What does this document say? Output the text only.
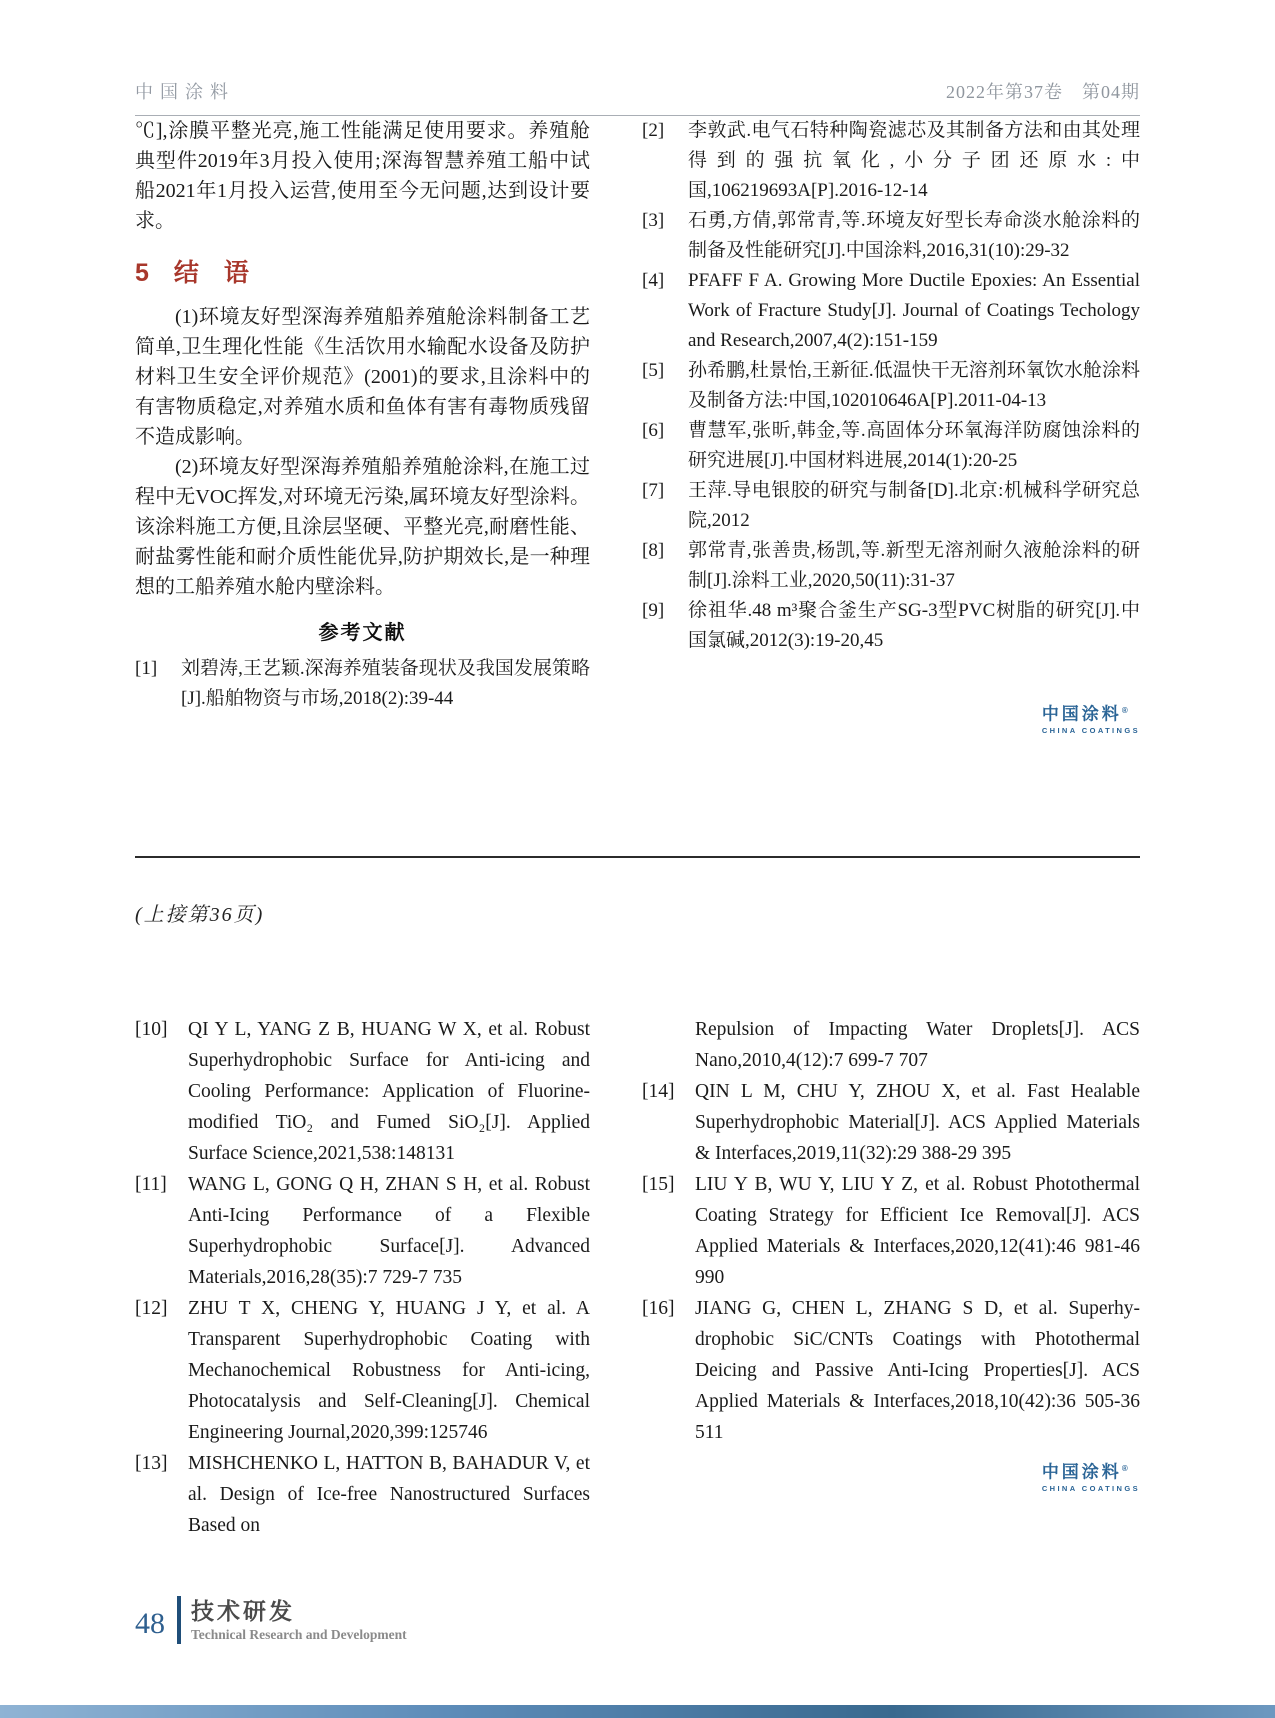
中国涂料	2022年第37卷　第04期

℃],涂膜平整光亮,施工性能满足使用要求。养殖舱典型件2019年3月投入使用;深海智慧养殖工船中试船2021年1月投入运营,使用至今无问题,达到设计要求。

5　结　语

(1)环境友好型深海养殖船养殖舱涂料制备工艺简单,卫生理化性能《生活饮用水输配水设备及防护材料卫生安全评价规范》(2001)的要求,且涂料中的有害物质稳定,对养殖水质和鱼体有害有毒物质残留不造成影响。

(2)环境友好型深海养殖船养殖舱涂料,在施工过程中无VOC挥发,对环境无污染,属环境友好型涂料。该涂料施工方便,且涂层坚硬、平整光亮,耐磨性能、耐盐雾性能和耐介质性能优异,防护期效长,是一种理想的工船养殖水舱内壁涂料。

参考文献
[1]	刘碧涛,王艺颖.深海养殖装备现状及我国发展策略[J].船舶物资与市场,2018(2):39-44
[2]	李敦武.电气石特种陶瓷滤芯及其制备方法和由其处理得到的强抗氧化,小分子团还原水:中国,106219693A[P].2016-12-14
[3]	石勇,方倩,郭常青,等.环境友好型长寿命淡水舱涂料的制备及性能研究[J].中国涂料,2016,31(10):29-32
[4]	PFAFF F A. Growing More Ductile Epoxies: An Essential Work of Fracture Study[J]. Journal of Coatings Techology and Research,2007,4(2):151-159
[5]	孙希鹏,杜景怡,王新征.低温快干无溶剂环氧饮水舱涂料及制备方法:中国,102010646A[P].2011-04-13
[6]	曹慧军,张昕,韩金,等.高固体分环氧海洋防腐蚀涂料的研究进展[J].中国材料进展,2014(1):20-25
[7]	王萍.导电银胶的研究与制备[D].北京:机械科学研究总院,2012
[8]	郭常青,张善贵,杨凯,等.新型无溶剂耐久液舱涂料的研制[J].涂料工业,2020,50(11):31-37
[9]	徐祖华.48 m³聚合釜生产SG-3型PVC树脂的研究[J].中国氯碱,2012(3):19-20,45
中国涂料®
CHINA COATINGS
(上接第36页)
[10]	QI Y L, YANG Z B, HUANG W X, et al. Robust Superhydrophobic Surface for Anti-icing and Cooling Performance: Application of Fluorine-modified TiO₂ and Fumed SiO₂[J]. Applied Surface Science,2021,538:148131
[11]	WANG L, GONG Q H, ZHAN S H, et al. Robust Anti-Icing Performance of a Flexible Superhydrophobic Surface[J]. Advanced Materials,2016,28(35):7 729-7 735
[12]	ZHU T X, CHENG Y, HUANG J Y, et al. A Transparent Superhydrophobic Coating with Mechanochemical Robustness for Anti-icing, Photocatalysis and Self-Cleaning[J]. Chemical Engineering Journal,2020,399:125746
[13]	MISHCHENKO L, HATTON B, BAHADUR V, et al. Design of Ice-free Nanostructured Surfaces Based on
Repulsion of Impacting Water Droplets[J]. ACS Nano,2010,4(12):7 699-7 707
[14]	QIN L M, CHU Y, ZHOU X, et al. Fast Healable Superhydrophobic Material[J]. ACS Applied Materials & Interfaces,2019,11(32):29 388-29 395
[15]	LIU Y B, WU Y, LIU Y Z, et al. Robust Photothermal Coating Strategy for Efficient Ice Removal[J]. ACS Applied Materials & Interfaces,2020,12(41):46 981-46 990
[16]	JIANG G, CHEN L, ZHANG S D, et al. Superhy-drophobic SiC/CNTs Coatings with Photothermal Deicing and Passive Anti-Icing Properties[J]. ACS Applied Materials & Interfaces,2018,10(42):36 505-36 511
中国涂料®
CHINA COATINGS
48 技术研发
Technical Research and Development
